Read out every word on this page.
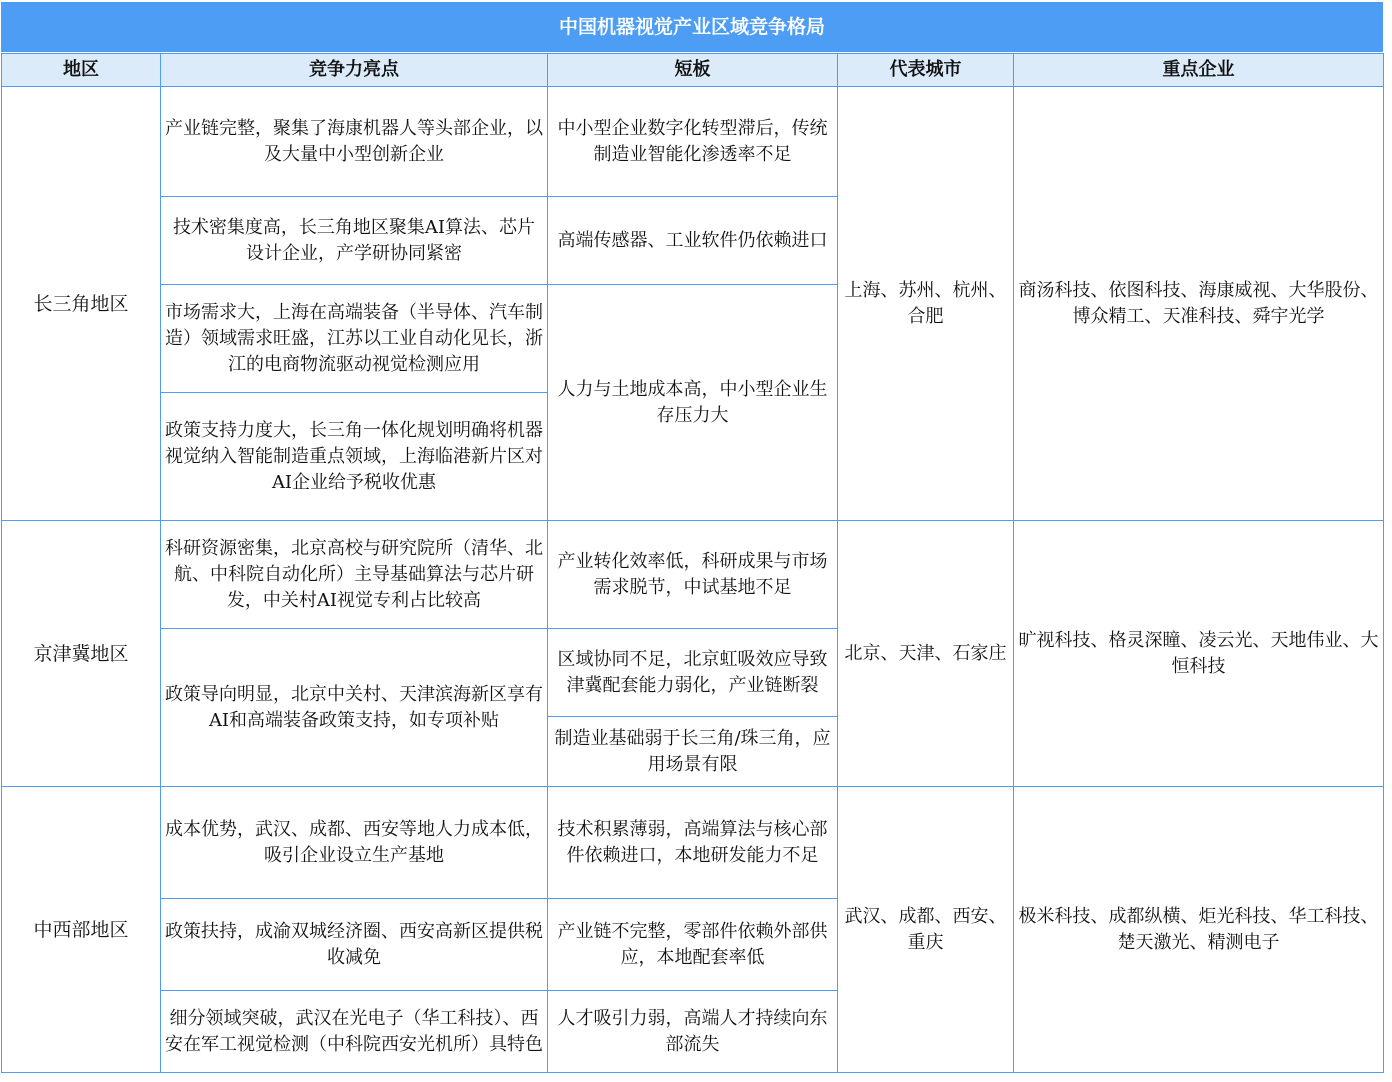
中国机器视觉产业区域竞争格局
地区	竞争力亮点	短板	代表城市	重点企业
长三角地区	产业链完整，聚集了海康机器人等头部企业，以及大量中小型创新企业	中小型企业数字化转型滞后，传统制造业智能化渗透率不足	上海、苏州、杭州、合肥	商汤科技、依图科技、海康威视、大华股份、博众精工、天准科技、舜宇光学

	技术密集度高，长三角地区聚集AI算法、芯片设计企业，产学研协同紧密	高端传感器、工业软件仍依赖进口		
	市场需求大，上海在高端装备（半导体、汽车制造）领域需求旺盛，江苏以工业自动化见长，浙江的电商物流驱动视觉检测应用	人力与土地成本高，中小型企业生存压力大		
	政策支持力度大，长三角一体化规划明确将机器视觉纳入智能制造重点领域，上海临港新片区对AI企业给予税收优惠			
京津冀地区	科研资源密集，北京高校与研究院所（清华、北航、中科院自动化所）主导基础算法与芯片研发，中关村AI视觉专利占比较高	产业转化效率低，科研成果与市场需求脱节，中试基地不足	北京、天津、石家庄	旷视科技、格灵深瞳、凌云光、天地伟业、大恒科技
	政策导向明显，北京中关村、天津滨海新区享有AI和高端装备政策支持，如专项补贴	区域协同不足，北京虹吸效应导致津冀配套能力弱化，产业链断裂		
		制造业基础弱于长三角/珠三角，应用场景有限		
中西部地区	成本优势，武汉、成都、西安等地人力成本低，吸引企业设立生产基地	技术积累薄弱，高端算法与核心部件依赖进口，本地研发能力不足	武汉、成都、西安、重庆	极米科技、成都纵横、炬光科技、华工科技、楚天激光、精测电子
	政策扶持，成渝双城经济圈、西安高新区提供税收减免	产业链不完整，零部件依赖外部供应，本地配套率低		
	细分领域突破，武汉在光电子（华工科技）、西安在军工视觉检测（中科院西安光机所）具特色	人才吸引力弱，高端人才持续向东部流失		
